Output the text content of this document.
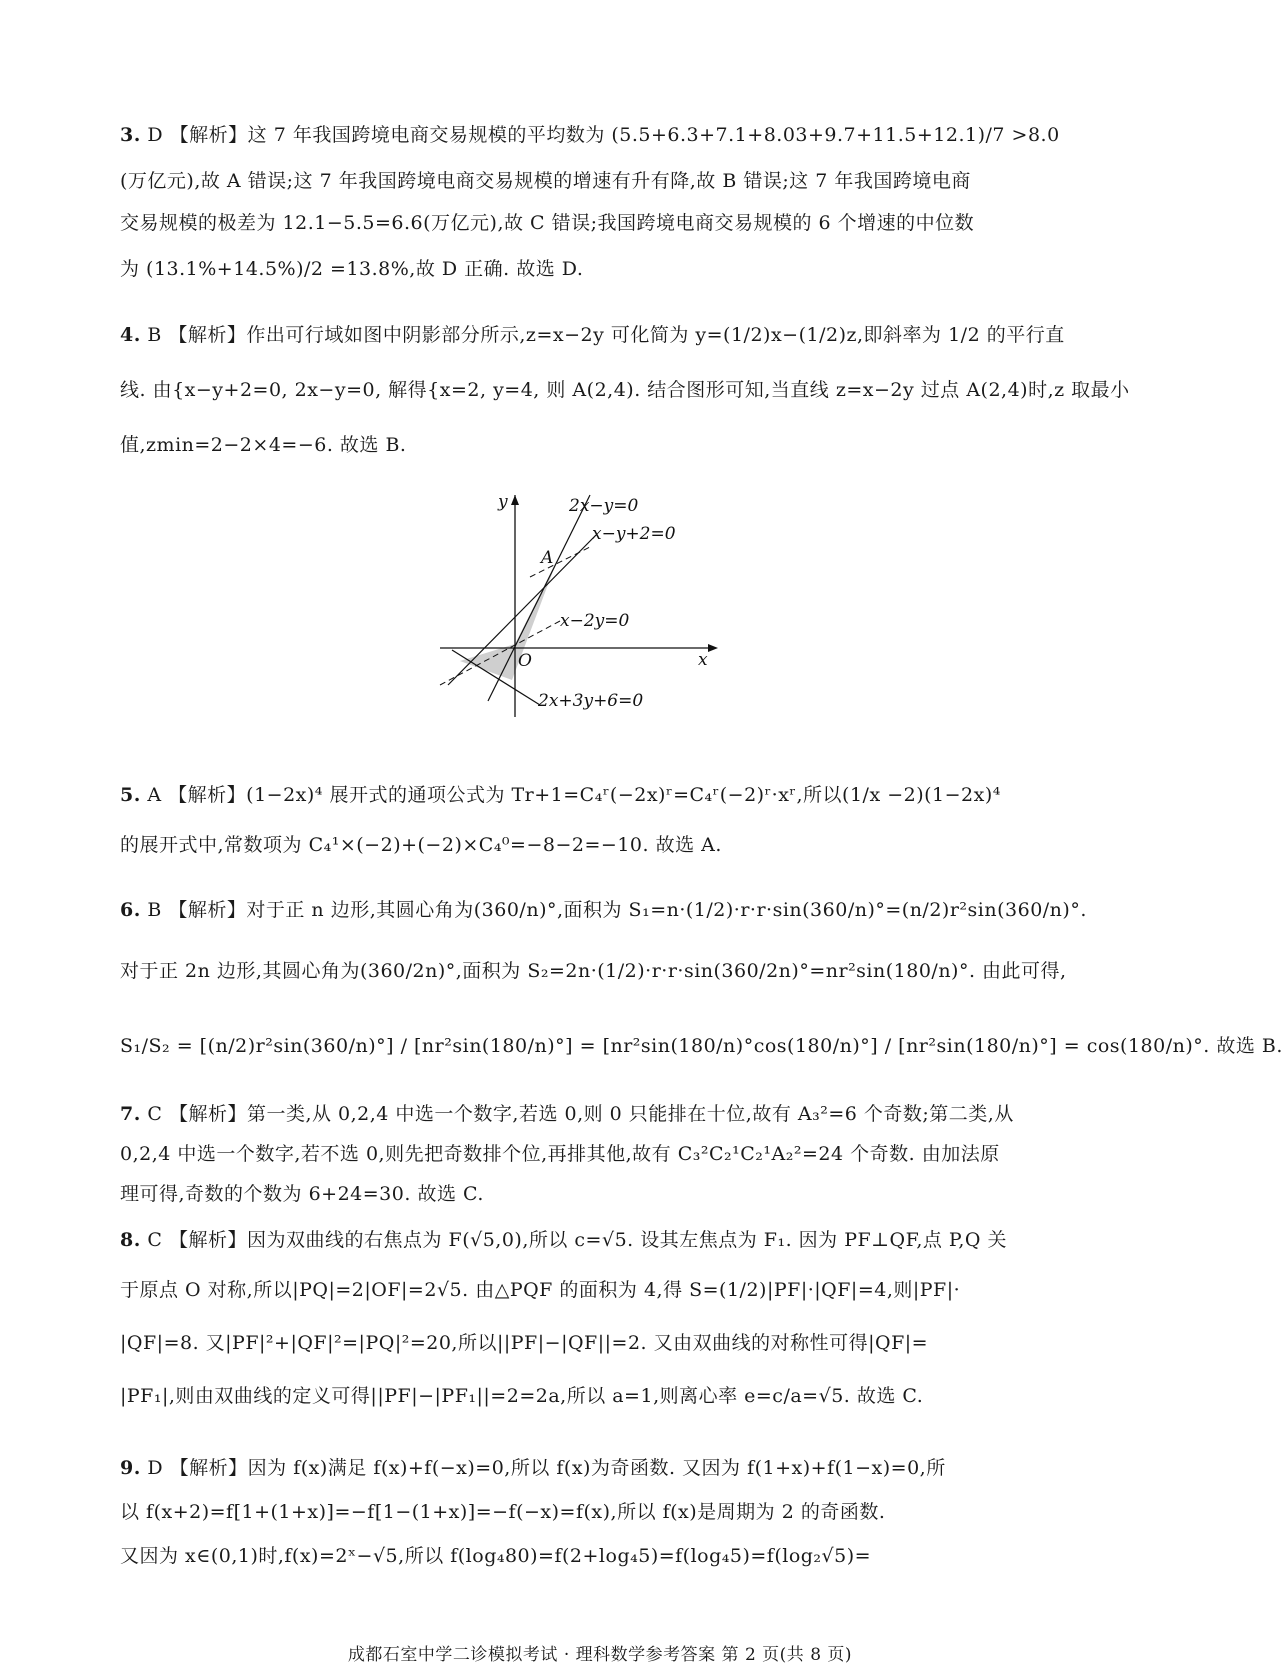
3. D 【解析】这 7 年我国跨境电商交易规模的平均数为 (5.5+6.3+7.1+8.03+9.7+11.5+12.1)/7 >8.0
(万亿元),故 A 错误;这 7 年我国跨境电商交易规模的增速有升有降,故 B 错误;这 7 年我国跨境电商
交易规模的极差为 12.1−5.5=6.6(万亿元),故 C 错误;我国跨境电商交易规模的 6 个增速的中位数
为 (13.1%+14.5%)/2 =13.8%,故 D 正确. 故选 D.
4. B 【解析】作出可行域如图中阴影部分所示,z=x−2y 可化简为 y=(1/2)x−(1/2)z,即斜率为 1/2 的平行直
线. 由{x−y+2=0, 2x−y=0, 解得{x=2, y=4, 则 A(2,4). 结合图形可知,当直线 z=x−2y 过点 A(2,4)时,z 取最小
值,zmin=2−2×4=−6. 故选 B.
y
x
O
A
2x−y=0
x−y+2=0
x−2y=0
2x+3y+6=0
5. A 【解析】(1−2x)⁴ 展开式的通项公式为 Tr+1=C₄ʳ(−2x)ʳ=C₄ʳ(−2)ʳ·xʳ,所以(1/x −2)(1−2x)⁴
的展开式中,常数项为 C₄¹×(−2)+(−2)×C₄⁰=−8−2=−10. 故选 A.
6. B 【解析】对于正 n 边形,其圆心角为(360/n)°,面积为 S₁=n·(1/2)·r·r·sin(360/n)°=(n/2)r²sin(360/n)°.
对于正 2n 边形,其圆心角为(360/2n)°,面积为 S₂=2n·(1/2)·r·r·sin(360/2n)°=nr²sin(180/n)°. 由此可得,
S₁/S₂ = [(n/2)r²sin(360/n)°] / [nr²sin(180/n)°] = [nr²sin(180/n)°cos(180/n)°] / [nr²sin(180/n)°] = cos(180/n)°. 故选 B.
7. C 【解析】第一类,从 0,2,4 中选一个数字,若选 0,则 0 只能排在十位,故有 A₃²=6 个奇数;第二类,从
0,2,4 中选一个数字,若不选 0,则先把奇数排个位,再排其他,故有 C₃²C₂¹C₂¹A₂²=24 个奇数. 由加法原
理可得,奇数的个数为 6+24=30. 故选 C.
8. C 【解析】因为双曲线的右焦点为 F(√5,0),所以 c=√5. 设其左焦点为 F₁. 因为 PF⊥QF,点 P,Q 关
于原点 O 对称,所以|PQ|=2|OF|=2√5. 由△PQF 的面积为 4,得 S=(1/2)|PF|·|QF|=4,则|PF|·
|QF|=8. 又|PF|²+|QF|²=|PQ|²=20,所以||PF|−|QF||=2. 又由双曲线的对称性可得|QF|=
|PF₁|,则由双曲线的定义可得||PF|−|PF₁||=2=2a,所以 a=1,则离心率 e=c/a=√5. 故选 C.
9. D 【解析】因为 f(x)满足 f(x)+f(−x)=0,所以 f(x)为奇函数. 又因为 f(1+x)+f(1−x)=0,所
以 f(x+2)=f[1+(1+x)]=−f[1−(1+x)]=−f(−x)=f(x),所以 f(x)是周期为 2 的奇函数.
又因为 x∈(0,1)时,f(x)=2ˣ−√5,所以 f(log₄80)=f(2+log₄5)=f(log₄5)=f(log₂√5)=
成都石室中学二诊模拟考试 · 理科数学参考答案 第 2 页(共 8 页)
